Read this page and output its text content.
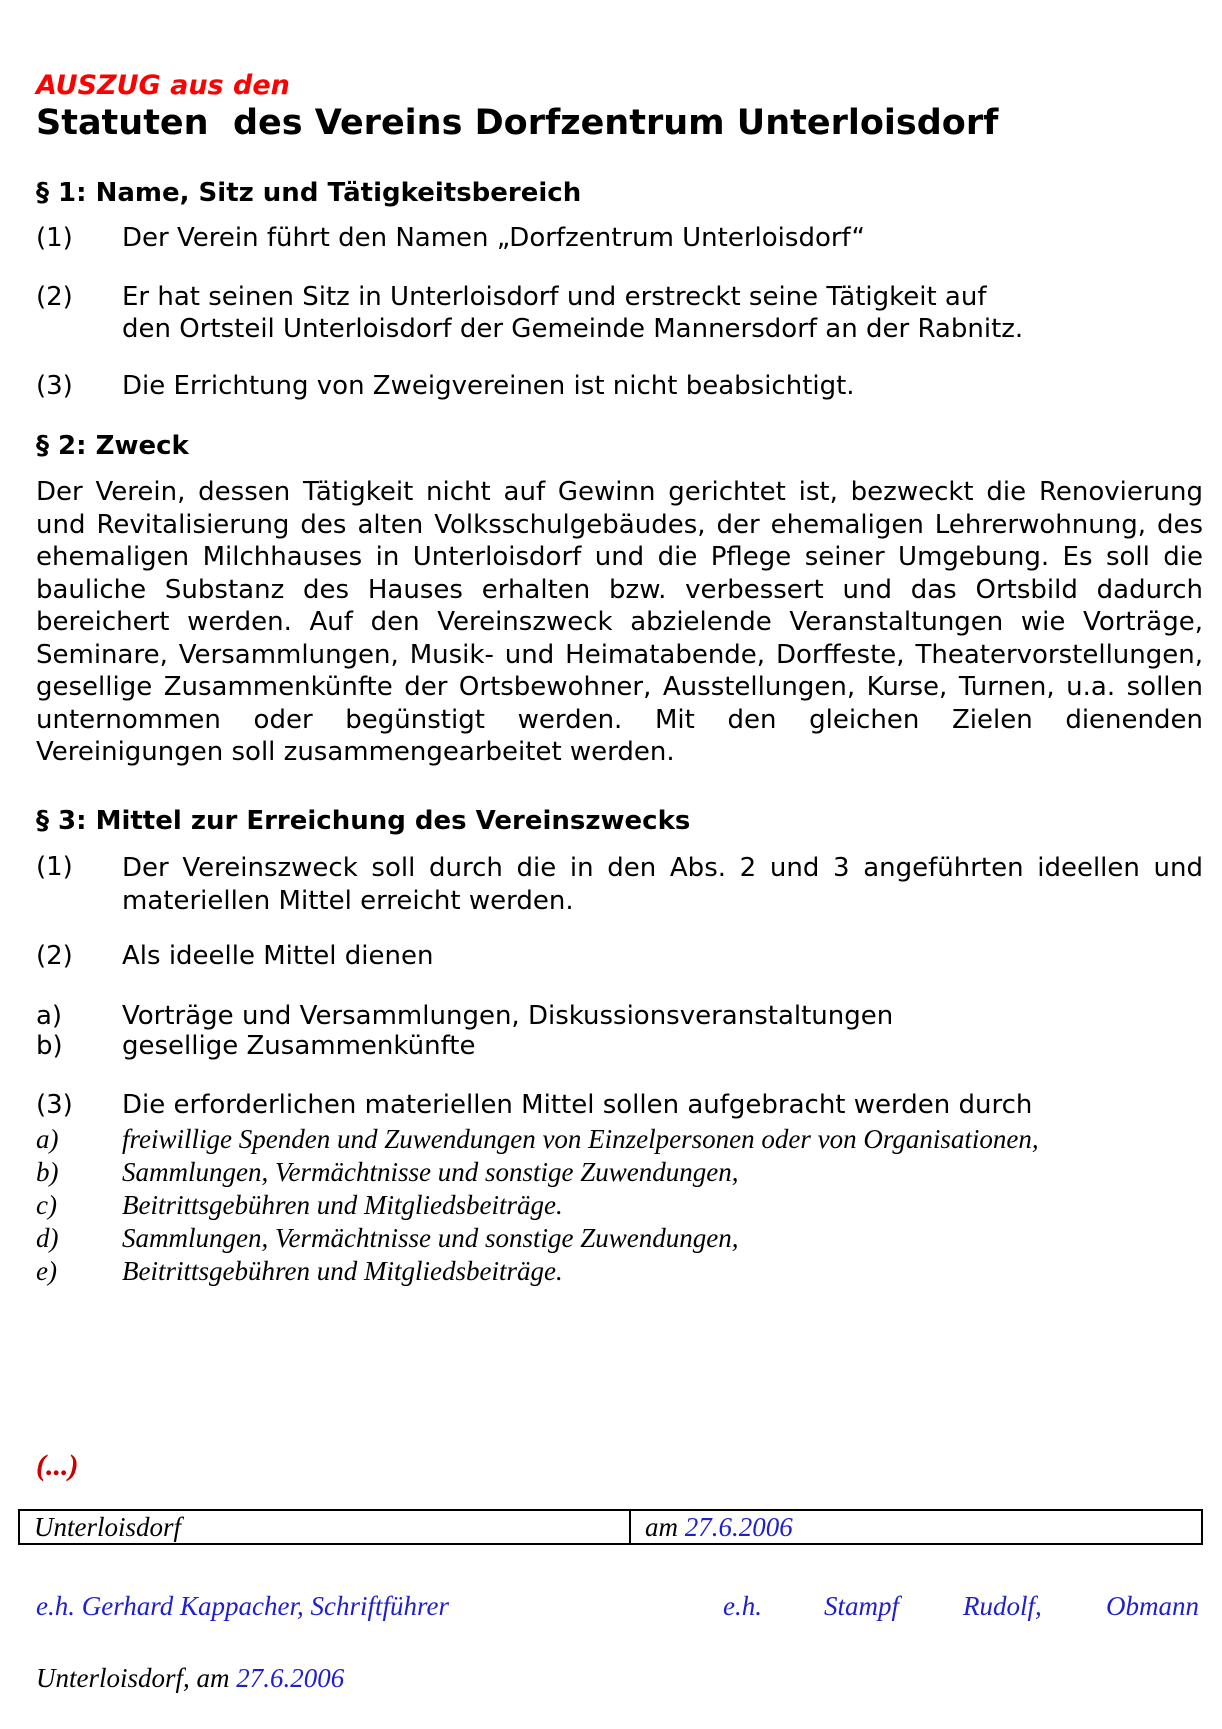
AUSZUG aus den
Statuten  des Vereins Dorfzentrum Unterloisdorf
§ 1: Name, Sitz und Tätigkeitsbereich
(1) Der Verein führt den Namen „Dorfzentrum Unterloisdorf“
(2) Er hat seinen Sitz in Unterloisdorf und erstreckt seine Tätigkeit auf
den Ortsteil Unterloisdorf der Gemeinde Mannersdorf an der Rabnitz.
(3) Die Errichtung von Zweigvereinen ist nicht beabsichtigt.
§ 2: Zweck
Der Verein, dessen Tätigkeit nicht auf Gewinn gerichtet ist, bezweckt die Renovierung und Revitalisierung des alten Volksschulgebäudes, der ehemaligen Lehrerwohnung, des ehemaligen Milchhauses in Unterloisdorf und die Pflege seiner Umgebung. Es soll die bauliche Substanz des Hauses erhalten bzw. verbessert und das Ortsbild dadurch bereichert werden. Auf den Vereinszweck abzielende Veranstaltungen wie Vorträge, Seminare, Versammlungen, Musik- und Heimatabende, Dorffeste, Theatervorstellungen, gesellige Zusammenkünfte der Ortsbewohner, Ausstellungen, Kurse, Turnen, u.a. sollen unternommen oder begünstigt werden. Mit den gleichen Zielen dienenden Vereinigungen soll zusammengearbeitet werden.
§ 3: Mittel zur Erreichung des Vereinszwecks
(1) Der Vereinszweck soll durch die in den Abs. 2 und 3 angeführten ideellen und materiellen Mittel erreicht werden.
(2) Als ideelle Mittel dienen
a) Vorträge und Versammlungen, Diskussionsveranstaltungen
b) gesellige Zusammenkünfte
(3) Die erforderlichen materiellen Mittel sollen aufgebracht werden durch
a) freiwillige Spenden und Zuwendungen von Einzelpersonen oder von Organisationen,
b) Sammlungen, Vermächtnisse und sonstige Zuwendungen,
c) Beitrittsgebühren und Mitgliedsbeiträge.
d) Sammlungen, Vermächtnisse und sonstige Zuwendungen,
e) Beitrittsgebühren und Mitgliedsbeiträge.
(...)
Unterloisdorf	am 27.6.2006
e.h. Gerhard Kappacher, Schriftführer	e.h. Stampf Rudolf, Obmann
Unterloisdorf, am 27.6.2006
